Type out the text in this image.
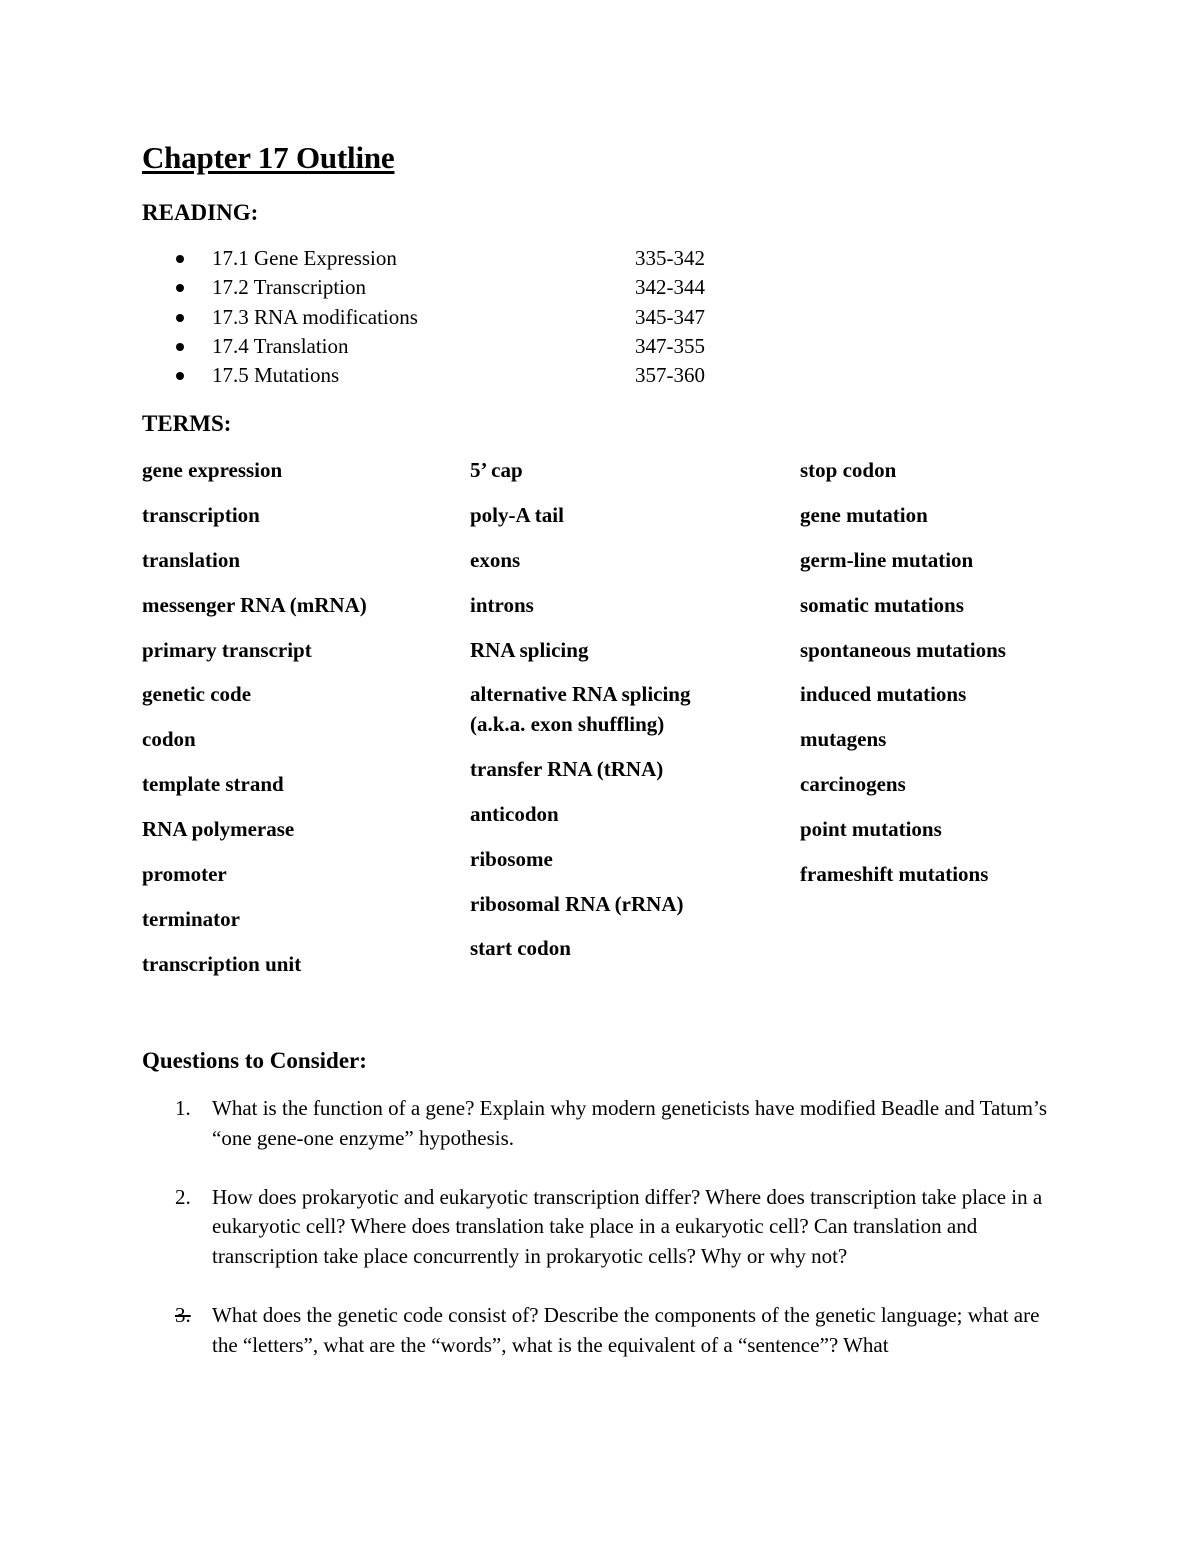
Chapter 17 Outline
READING:
17.1 Gene Expression	335-342
17.2 Transcription	342-344
17.3 RNA modifications	345-347
17.4 Translation	347-355
17.5 Mutations	357-360
TERMS:
gene expression
transcription
translation
messenger RNA (mRNA)
primary transcript
genetic code
codon
template strand
RNA polymerase
promoter
terminator
transcription unit
5’ cap
poly-A tail
exons
introns
RNA splicing
alternative RNA splicing (a.k.a. exon shuffling)
transfer RNA (tRNA)
anticodon
ribosome
ribosomal RNA (rRNA)
start codon
stop codon
gene mutation
germ-line mutation
somatic mutations
spontaneous mutations
induced mutations
mutagens
carcinogens
point mutations
frameshift mutations
Questions to Consider:
1. What is the function of a gene? Explain why modern geneticists have modified Beadle and Tatum’s “one gene-one enzyme” hypothesis.
2. How does prokaryotic and eukaryotic transcription differ? Where does transcription take place in a eukaryotic cell? Where does translation take place in a eukaryotic cell? Can translation and transcription take place concurrently in prokaryotic cells? Why or why not?
3. What does the genetic code consist of? Describe the components of the genetic language; what are the “letters”, what are the “words”, what is the equivalent of a “sentence”? What
